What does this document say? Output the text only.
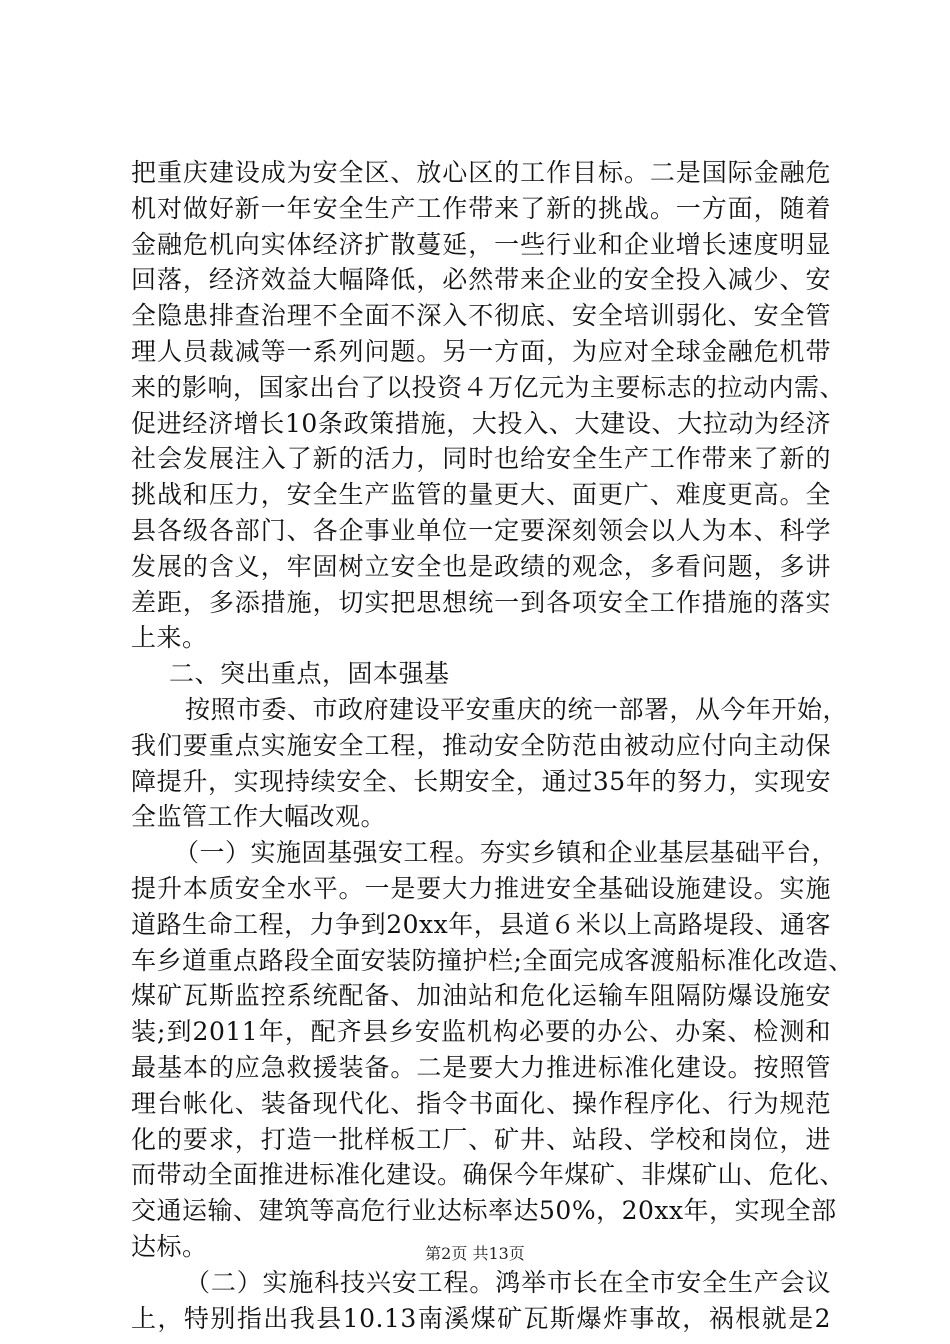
把重庆建设成为安全区、放心区的工作目标。二是国际金融危
机对做好新一年安全生产工作带来了新的挑战。一方面，随着
金融危机向实体经济扩散蔓延，一些行业和企业增长速度明显
回落，经济效益大幅降低，必然带来企业的安全投入减少、安
全隐患排查治理不全面不深入不彻底、安全培训弱化、安全管
理人员裁减等一系列问题。另一方面，为应对全球金融危机带
来的影响，国家出台了以投资４万亿元为主要标志的拉动内需、
促进经济增长10条政策措施，大投入、大建设、大拉动为经济
社会发展注入了新的活力，同时也给安全生产工作带来了新的
挑战和压力，安全生产监管的量更大、面更广、难度更高。全
县各级各部门、各企事业单位一定要深刻领会以人为本、科学
发展的含义，牢固树立安全也是政绩的观念，多看问题，多讲
差距，多添措施，切实把思想统一到各项安全工作措施的落实
上来。
二、突出重点，固本强基
按照市委、市政府建设平安重庆的统一部署，从今年开始，
我们要重点实施安全工程，推动安全防范由被动应付向主动保
障提升，实现持续安全、长期安全，通过35年的努力，实现安
全监管工作大幅改观。
（一）实施固基强安工程。夯实乡镇和企业基层基础平台，
提升本质安全水平。一是要大力推进安全基础设施建设。实施
道路生命工程，力争到20xx年，县道６米以上高路堤段、通客
车乡道重点路段全面安装防撞护栏;全面完成客渡船标准化改造、
煤矿瓦斯监控系统配备、加油站和危化运输车阻隔防爆设施安
装;到2011年，配齐县乡安监机构必要的办公、办案、检测和
最基本的应急救援装备。二是要大力推进标准化建设。按照管
理台帐化、装备现代化、指令书面化、操作程序化、行为规范
化的要求，打造一批样板工厂、矿井、站段、学校和岗位，进
而带动全面推进标准化建设。确保今年煤矿、非煤矿山、危化、
交通运输、建筑等高危行业达标率达50%，20xx年，实现全部
达标。
（二）实施科技兴安工程。鸿举市长在全市安全生产会议
上，特别指出我县10.13南溪煤矿瓦斯爆炸事故，祸根就是2
第2页 共13页
